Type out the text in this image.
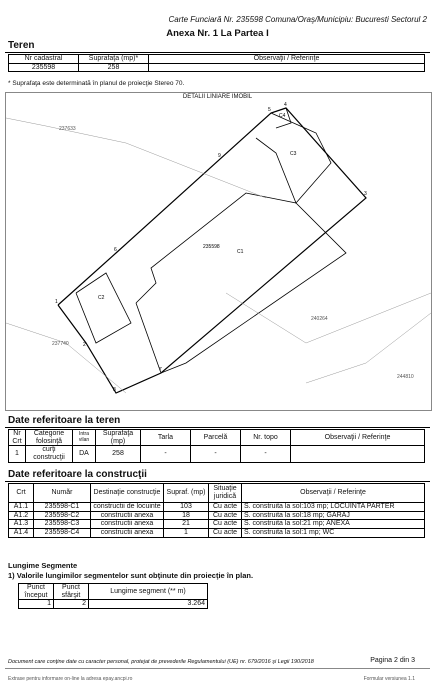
Carte Funciară Nr. 235598 Comuna/Oraş/Municipiu: Bucuresti Sectorul 2
Anexa Nr. 1 La Partea I
Teren
Nr cadastral	Suprafaţa (mp)*	Observaţii / Referinţe
235598	258	
* Suprafaţa este determinată în planul de proiecţie Stereo 70.
C1
C2
C3
C4
235598
237633
237740
240264
244810
1
2
3
4
5
6
7
8
9
DETALII LINIARE IMOBIL
Date referitoare la teren
Nr Crt	Categorie folosinţă	Intra vilan	Suprafaţa (mp)	Tarla	Parcelă	Nr. topo	Observaţii / Referinţe
1	curţi construcţii	DA	258	-	-	-	
Date referitoare la construcţii
Crt	Număr	Destinaţie construcţie	Supraf. (mp)	Situaţie juridică	Observaţii / Referinţe
A1.1	235598-C1	constructii de locuinte	103	Cu acte	S. construita la sol:103 mp; LOCUINTA PARTER
A1.2	235598-C2	constructii anexa	18	Cu acte	S. construita la sol:18 mp; GARAJ
A1.3	235598-C3	constructii anexa	21	Cu acte	S. construita la sol:21 mp; ANEXA
A1.4	235598-C4	constructii anexa	1	Cu acte	S. construita la sol:1 mp; WC
Lungime Segmente
1) Valorile lungimilor segmentelor sunt obţinute din proiecţie în plan.
Punct început	Punct sfârşit	Lungime segment (** m)
1	2	3.264
Document care conţine date cu caracter personal, protejat de prevederile Regulamentului (UE) nr. 679/2016 şi Legii 190/2018	Pagina 2 din 3
Extrase pentru informare on-line la adresa epay.ancpi.ro	Formular versiunea 1.1
